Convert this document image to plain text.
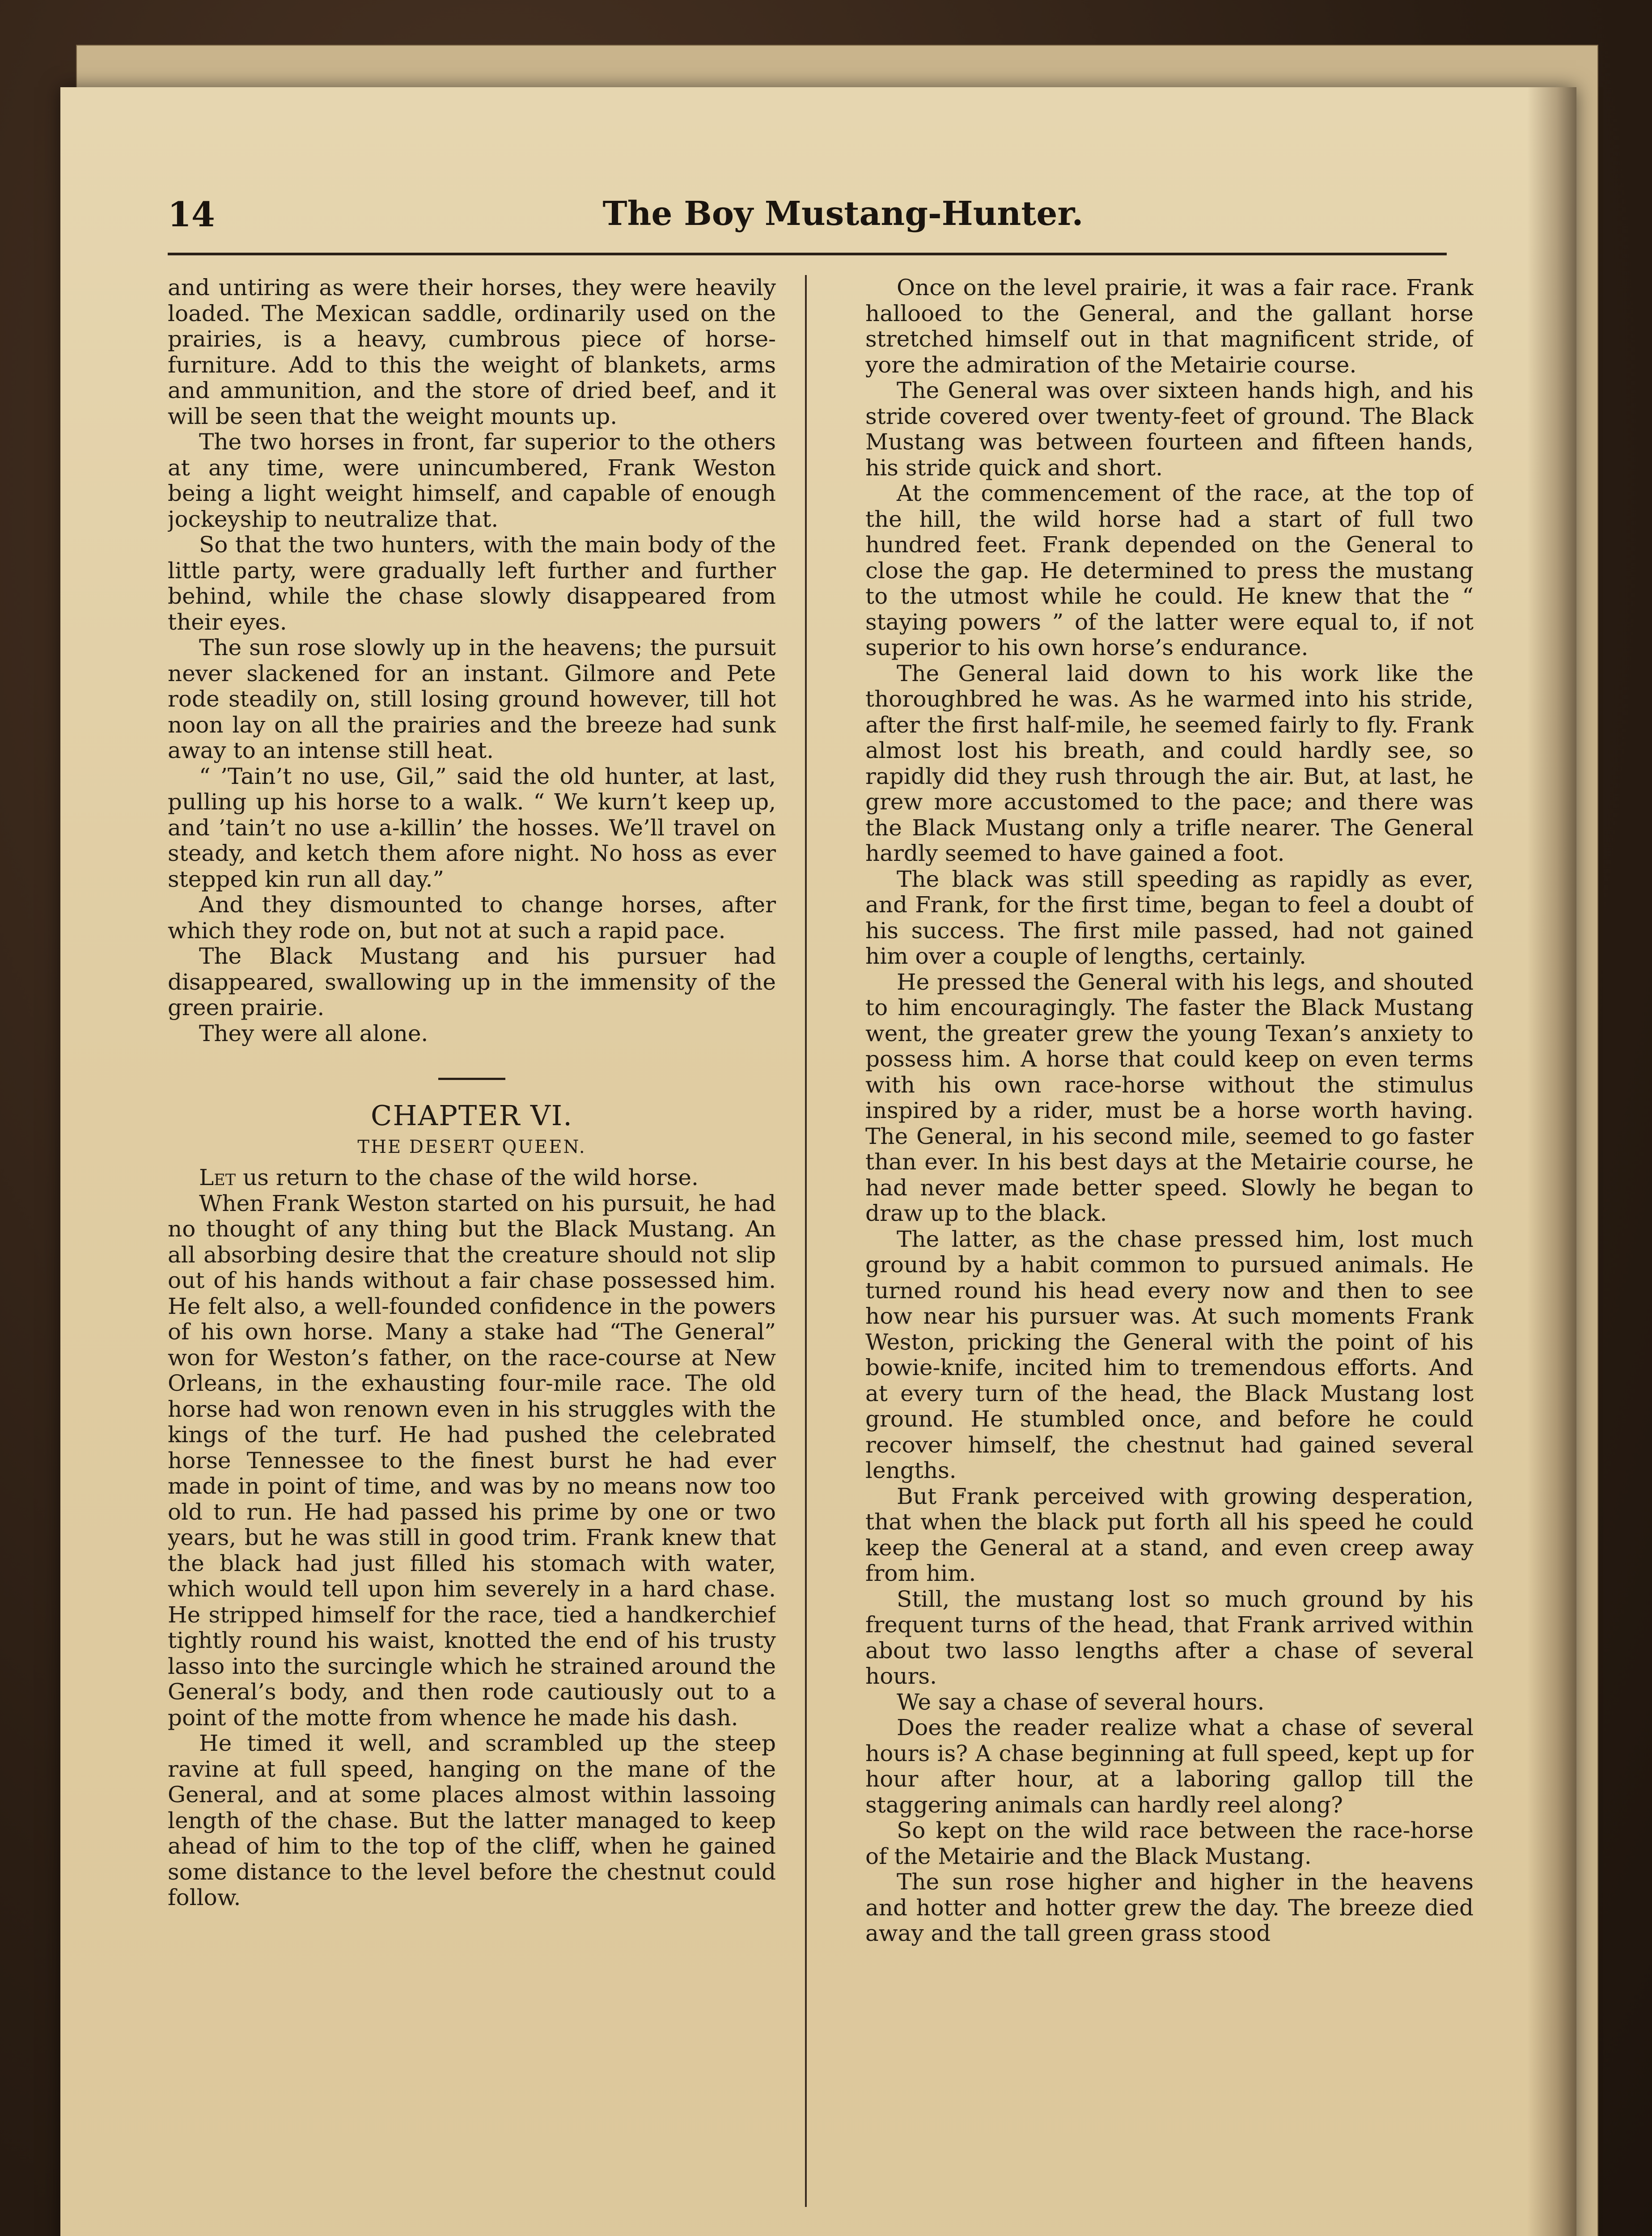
14	The Boy Mustang-Hunter.

and untiring as were their horses, they were heavily loaded. The Mexican saddle, ordinarily used on the prairies, is a heavy, cumbrous piece of horse-furniture. Add to this the weight of blankets, arms and ammunition, and the store of dried beef, and it will be seen that the weight mounts up.

The two horses in front, far superior to the others at any time, were unincumbered, Frank Weston being a light weight himself, and capable of enough jockeyship to neutralize that.

So that the two hunters, with the main body of the little party, were gradually left further and further behind, while the chase slowly disappeared from their eyes.

The sun rose slowly up in the heavens; the pursuit never slackened for an instant. Gilmore and Pete rode steadily on, still losing ground however, till hot noon lay on all the prairies and the breeze had sunk away to an intense still heat.

“ ’Tain’t no use, Gil,” said the old hunter, at last, pulling up his horse to a walk. “ We kurn’t keep up, and ’tain’t no use a-killin’ the hosses. We’ll travel on steady, and ketch them afore night. No hoss as ever stepped kin run all day.”

And they dismounted to change horses, after which they rode on, but not at such a rapid pace.

The Black Mustang and his pursuer had disappeared, swallowing up in the immensity of the green prairie.

They were all alone.

CHAPTER VI.
THE DESERT QUEEN.

Let us return to the chase of the wild horse.

When Frank Weston started on his pursuit, he had no thought of any thing but the Black Mustang. An all absorbing desire that the creature should not slip out of his hands without a fair chase possessed him. He felt also, a well-founded confidence in the powers of his own horse. Many a stake had “The General” won for Weston’s father, on the race-course at New Orleans, in the exhausting four-mile race. The old horse had won renown even in his struggles with the kings of the turf. He had pushed the celebrated horse Tennessee to the finest burst he had ever made in point of time, and was by no means now too old to run. He had passed his prime by one or two years, but he was still in good trim. Frank knew that the black had just filled his stomach with water, which would tell upon him severely in a hard chase. He stripped himself for the race, tied a handkerchief tightly round his waist, knotted the end of his trusty lasso into the surcingle which he strained around the General’s body, and then rode cautiously out to a point of the motte from whence he made his dash.

He timed it well, and scrambled up the steep ravine at full speed, hanging on the mane of the General, and at some places almost within lassoing length of the chase. But the latter managed to keep ahead of him to the top of the cliff, when he gained some distance to the level before the chestnut could follow.

Once on the level prairie, it was a fair race. Frank hallooed to the General, and the gallant horse stretched himself out in that magnificent stride, of yore the admiration of the Metairie course.

The General was over sixteen hands high, and his stride covered over twenty-feet of ground. The Black Mustang was between fourteen and fifteen hands, his stride quick and short.

At the commencement of the race, at the top of the hill, the wild horse had a start of full two hundred feet. Frank depended on the General to close the gap. He determined to press the mustang to the utmost while he could. He knew that the “ staying powers ” of the latter were equal to, if not superior to his own horse’s endurance.

The General laid down to his work like the thoroughbred he was. As he warmed into his stride, after the first half-mile, he seemed fairly to fly. Frank almost lost his breath, and could hardly see, so rapidly did they rush through the air. But, at last, he grew more accustomed to the pace; and there was the Black Mustang only a trifle nearer. The General hardly seemed to have gained a foot.

The black was still speeding as rapidly as ever, and Frank, for the first time, began to feel a doubt of his success. The first mile passed, had not gained him over a couple of lengths, certainly.

He pressed the General with his legs, and shouted to him encouragingly. The faster the Black Mustang went, the greater grew the young Texan’s anxiety to possess him. A horse that could keep on even terms with his own race-horse without the stimulus inspired by a rider, must be a horse worth having. The General, in his second mile, seemed to go faster than ever. In his best days at the Metairie course, he had never made better speed. Slowly he began to draw up to the black.

The latter, as the chase pressed him, lost much ground by a habit common to pursued animals. He turned round his head every now and then to see how near his pursuer was. At such moments Frank Weston, pricking the General with the point of his bowie-knife, incited him to tremendous efforts. And at every turn of the head, the Black Mustang lost ground. He stumbled once, and before he could recover himself, the chestnut had gained several lengths.

But Frank perceived with growing desperation, that when the black put forth all his speed he could keep the General at a stand, and even creep away from him.

Still, the mustang lost so much ground by his frequent turns of the head, that Frank arrived within about two lasso lengths after a chase of several hours.

We say a chase of several hours.

Does the reader realize what a chase of several hours is? A chase beginning at full speed, kept up for hour after hour, at a laboring gallop till the staggering animals can hardly reel along?

So kept on the wild race between the race-horse of the Metairie and the Black Mustang.

The sun rose higher and higher in the heavens and hotter and hotter grew the day. The breeze died away and the tall green grass stood
